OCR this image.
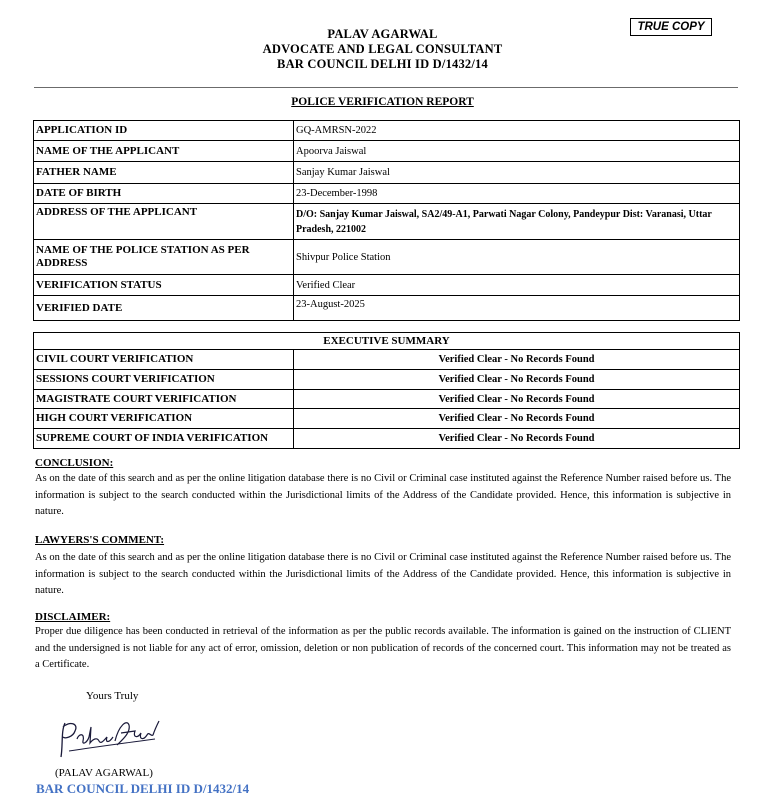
PALAV AGARWAL
ADVOCATE AND LEGAL CONSULTANT
BAR COUNCIL DELHI ID D/1432/14
TRUE COPY
POLICE VERIFICATION REPORT
APPLICATION ID	GQ-AMRSN-2022
NAME OF THE APPLICANT	Apoorva Jaiswal
FATHER NAME	Sanjay Kumar Jaiswal
DATE OF BIRTH	23-December-1998
ADDRESS OF THE APPLICANT	D/O: Sanjay Kumar Jaiswal, SA2/49-A1, Parwati Nagar Colony, Pandeypur Dist: Varanasi, Uttar Pradesh, 221002
NAME OF THE POLICE STATION AS PER ADDRESS	Shivpur Police Station
VERIFICATION STATUS	Verified Clear
VERIFIED DATE	23-August-2025
EXECUTIVE SUMMARY	
CIVIL COURT VERIFICATION	Verified Clear - No Records Found
SESSIONS COURT VERIFICATION	Verified Clear - No Records Found
MAGISTRATE COURT VERIFICATION	Verified Clear - No Records Found
HIGH COURT VERIFICATION	Verified Clear - No Records Found
SUPREME COURT OF INDIA VERIFICATION	Verified Clear - No Records Found
CONCLUSION:
As on the date of this search and as per the online litigation database there is no Civil or Criminal case instituted against the Reference Number raised before us. The information is subject to the search conducted within the Jurisdictional limits of the Address of the Candidate provided. Hence, this information is subjective in nature.
LAWYERS'S COMMENT:
As on the date of this search and as per the online litigation database there is no Civil or Criminal case instituted against the Reference Number raised before us. The information is subject to the search conducted within the Jurisdictional limits of the Address of the Candidate provided. Hence, this information is subjective in nature.
DISCLAIMER:
Proper due diligence has been conducted in retrieval of the information as per the public records available. The information is gained on the instruction of CLIENT and the undersigned is not liable for any act of error, omission, deletion or non publication of records of the concerned court. This information may not be treated as a Certificate.
Yours Truly
(PALAV AGARWAL)
BAR COUNCIL DELHI ID D/1432/14
